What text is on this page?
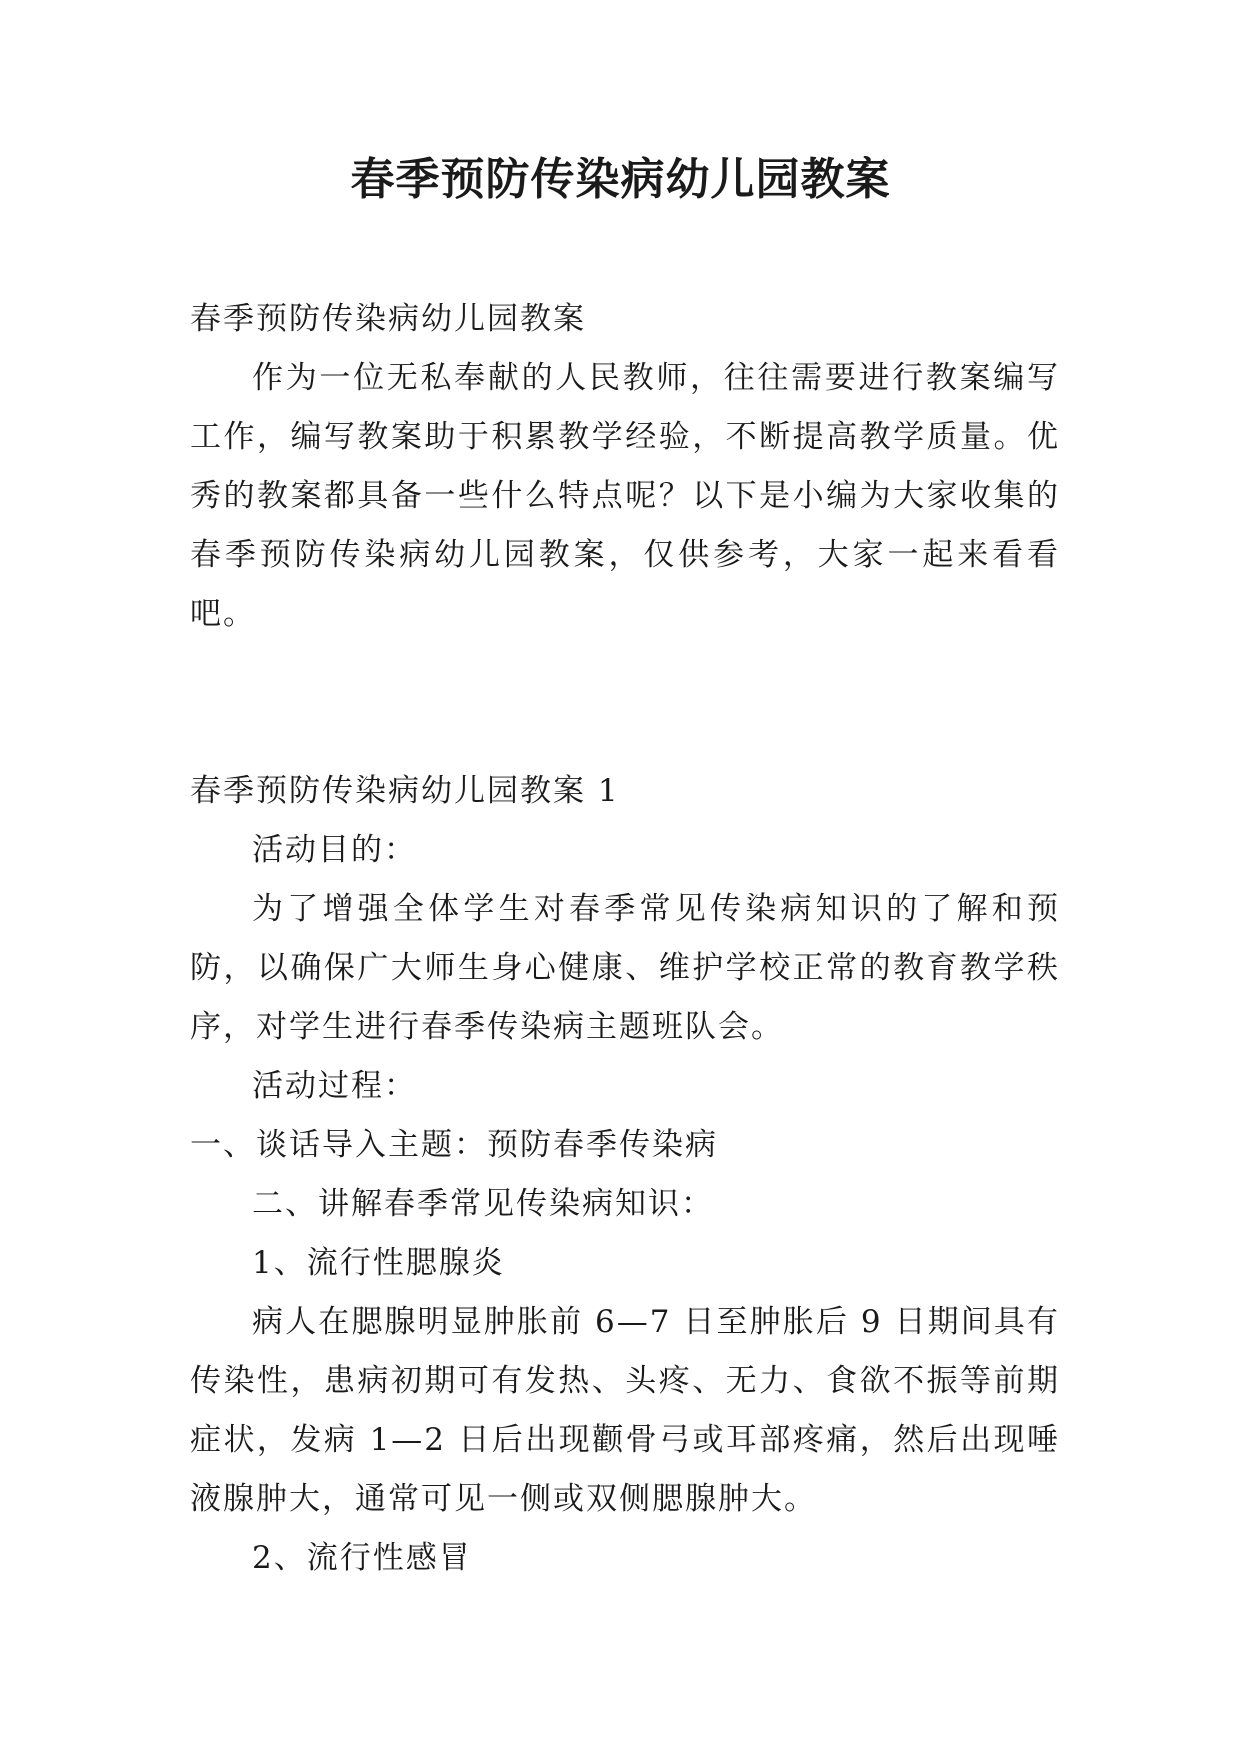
春季预防传染病幼儿园教案

春季预防传染病幼儿园教案

作为一位无私奉献的人民教师，往往需要进行教案编写工作，编写教案助于积累教学经验，不断提高教学质量。优秀的教案都具备一些什么特点呢？以下是小编为大家收集的春季预防传染病幼儿园教案，仅供参考，大家一起来看看吧。

春季预防传染病幼儿园教案 1

活动目的：

为了增强全体学生对春季常见传染病知识的了解和预防，以确保广大师生身心健康、维护学校正常的教育教学秩序，对学生进行春季传染病主题班队会。

活动过程：

一、谈话导入主题：预防春季传染病

二、讲解春季常见传染病知识：

1、流行性腮腺炎

病人在腮腺明显肿胀前 6—7 日至肿胀后 9 日期间具有传染性，患病初期可有发热、头疼、无力、食欲不振等前期症状，发病 1—2 日后出现颧骨弓或耳部疼痛，然后出现唾液腺肿大，通常可见一侧或双侧腮腺肿大。

2、流行性感冒
